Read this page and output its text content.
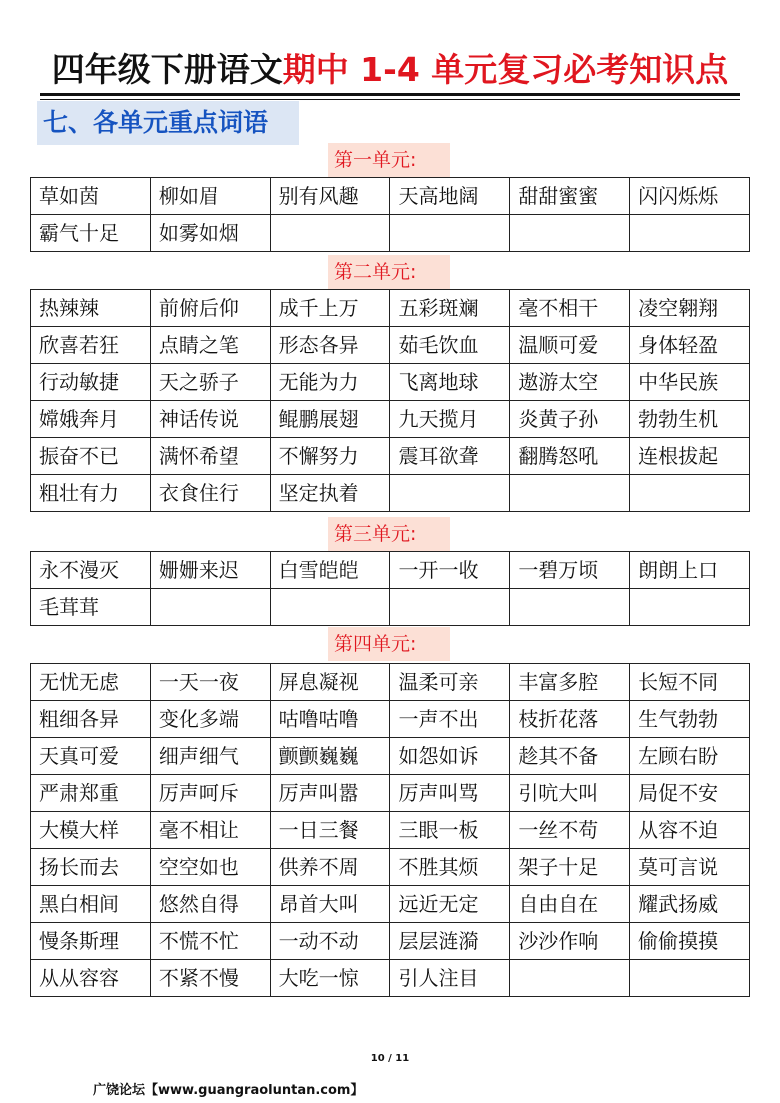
四年级下册语文期中 1-4 单元复习必考知识点
七、各单元重点词语
第一单元:
草如茵	柳如眉	别有风趣	天高地阔	甜甜蜜蜜	闪闪烁烁
霸气十足	如雾如烟				
第二单元:
热辣辣	前俯后仰	成千上万	五彩斑斓	毫不相干	凌空翱翔
欣喜若狂	点睛之笔	形态各异	茹毛饮血	温顺可爱	身体轻盈
行动敏捷	天之骄子	无能为力	飞离地球	遨游太空	中华民族
嫦娥奔月	神话传说	鲲鹏展翅	九天揽月	炎黄子孙	勃勃生机
振奋不已	满怀希望	不懈努力	震耳欲聋	翻腾怒吼	连根拔起
粗壮有力	衣食住行	坚定执着			
第三单元:
永不漫灭	姗姗来迟	白雪皑皑	一开一收	一碧万顷	朗朗上口
毛茸茸					
第四单元:
无忧无虑	一天一夜	屏息凝视	温柔可亲	丰富多腔	长短不同
粗细各异	变化多端	咕噜咕噜	一声不出	枝折花落	生气勃勃
天真可爱	细声细气	颤颤巍巍	如怨如诉	趁其不备	左顾右盼
严肃郑重	厉声呵斥	厉声叫嚣	厉声叫骂	引吭大叫	局促不安
大模大样	毫不相让	一日三餐	三眼一板	一丝不苟	从容不迫
扬长而去	空空如也	供养不周	不胜其烦	架子十足	莫可言说
黑白相间	悠然自得	昂首大叫	远近无定	自由自在	耀武扬威
慢条斯理	不慌不忙	一动不动	层层涟漪	沙沙作响	偷偷摸摸
从从容容	不紧不慢	大吃一惊	引人注目		
10 / 11
广饶论坛【www.guangraoluntan.com】
